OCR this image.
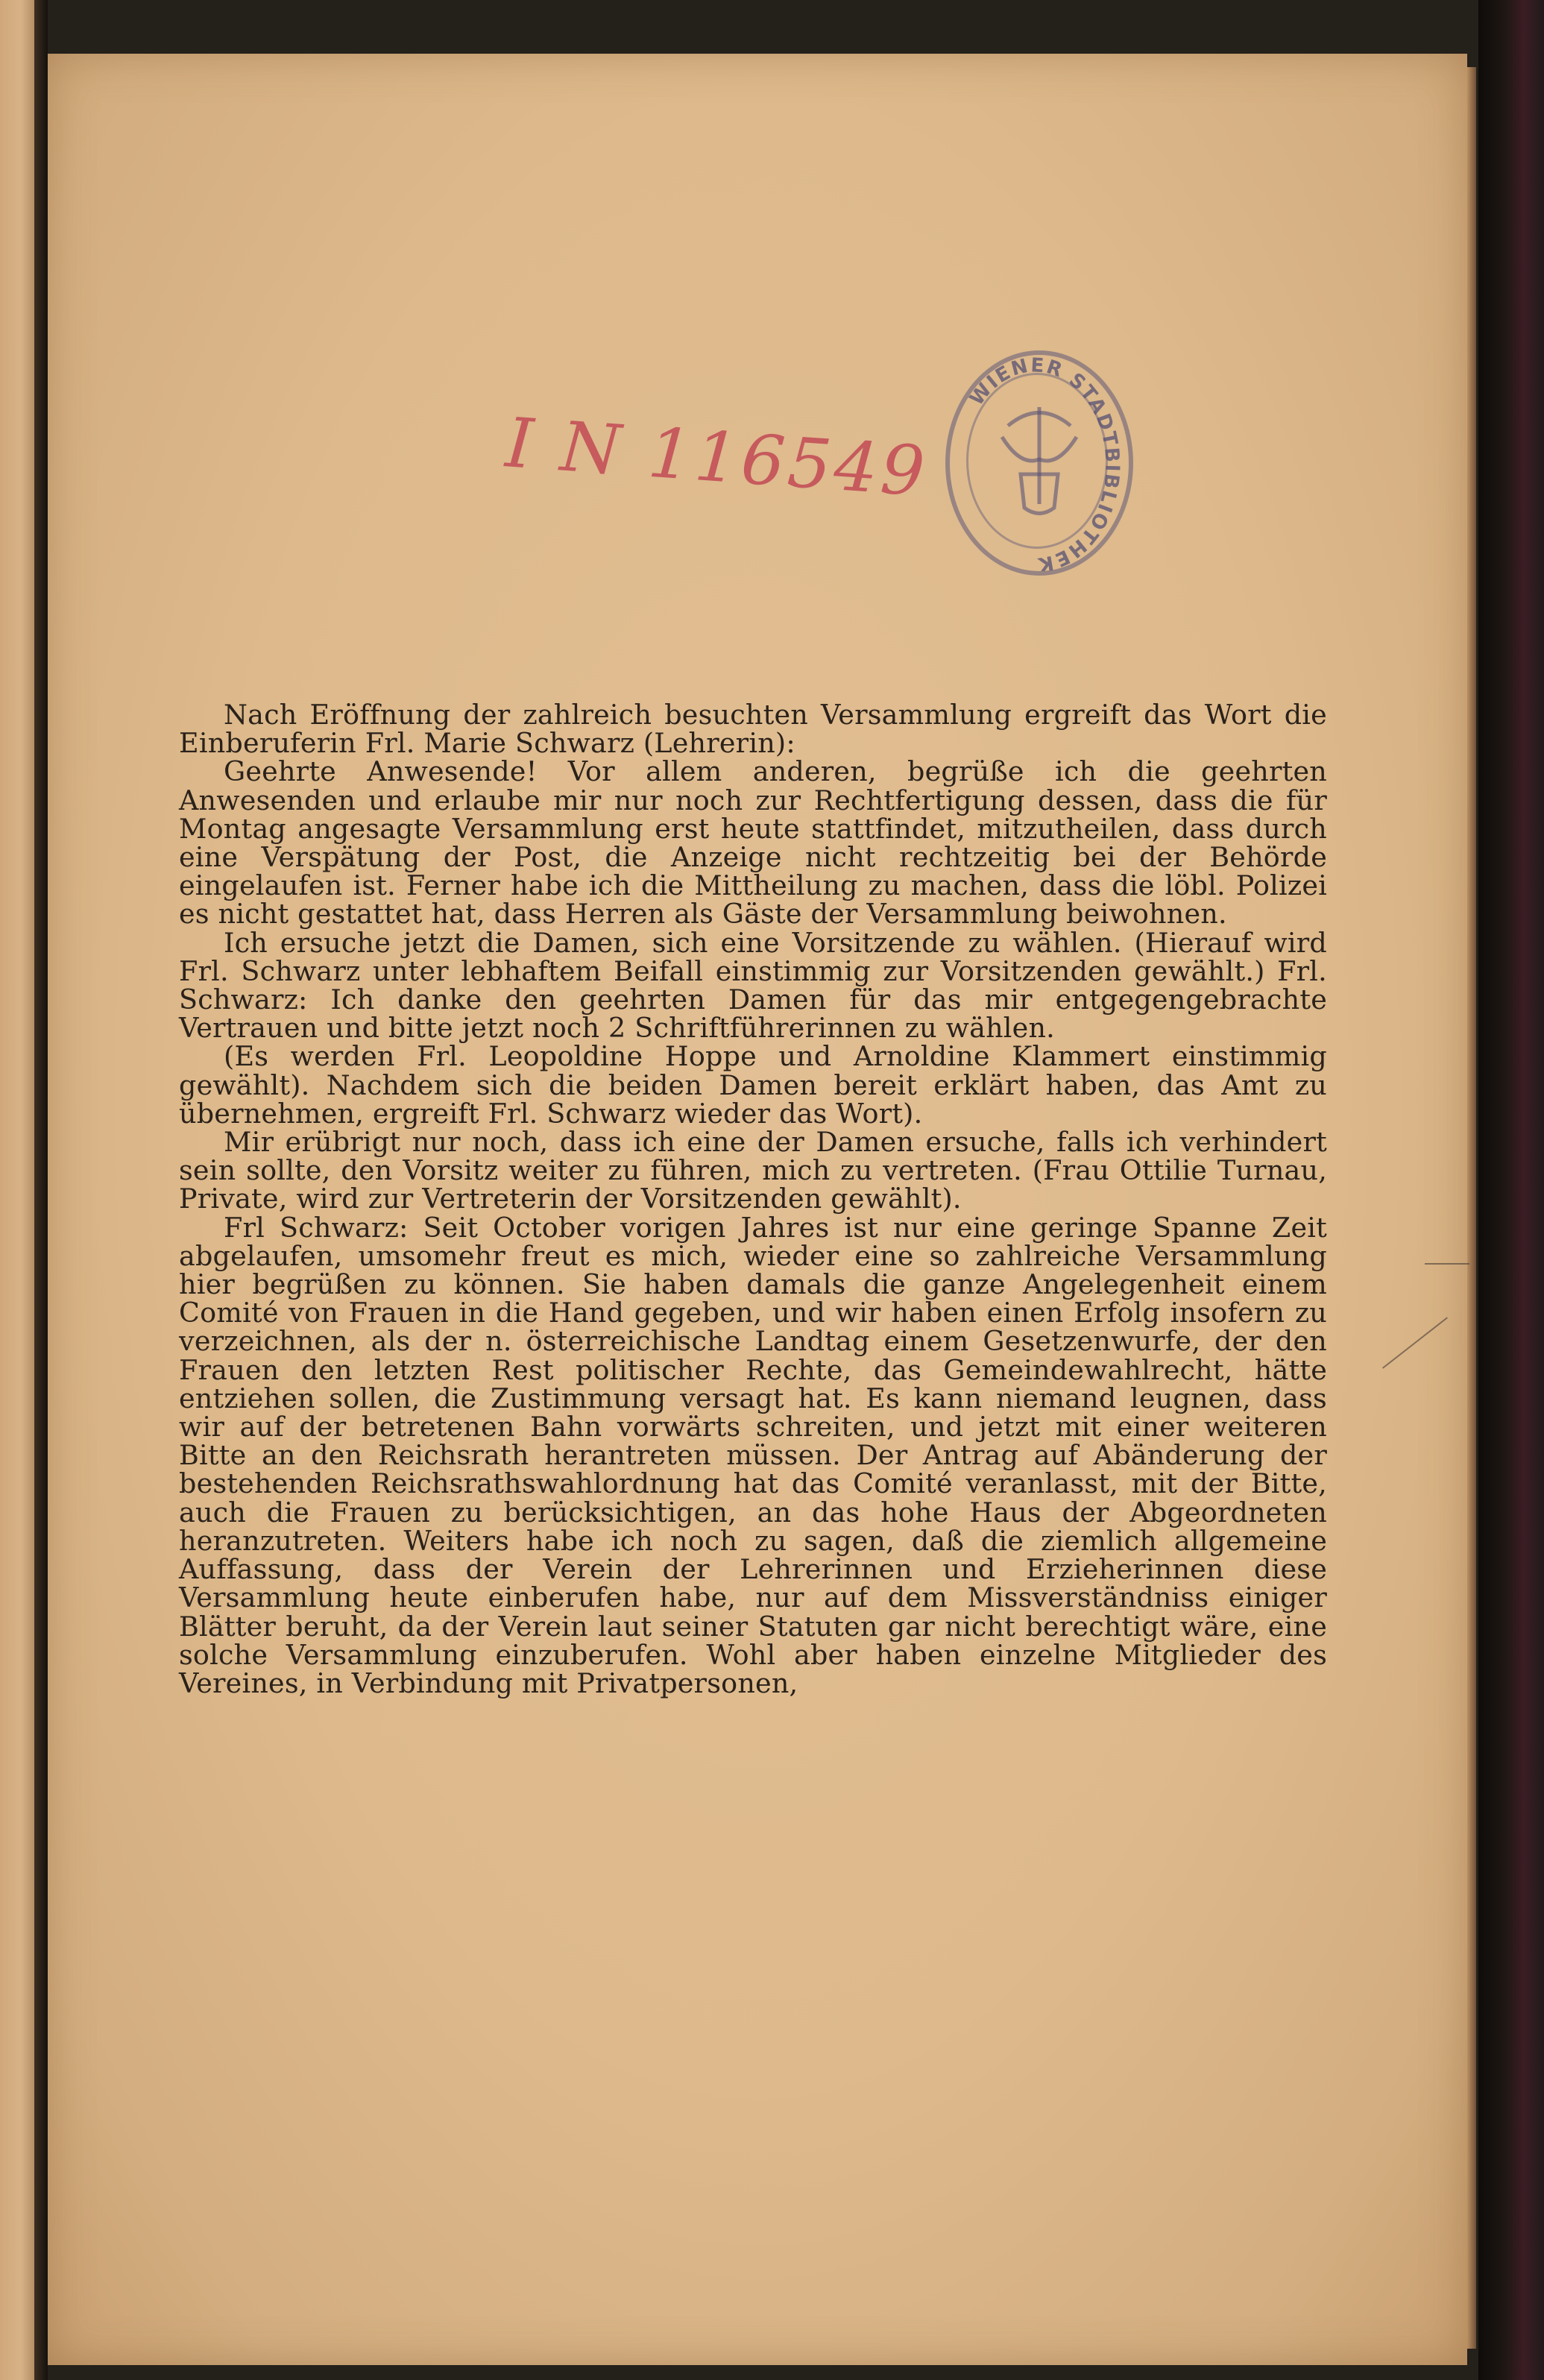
WIENER STADTBIBLIOTHEK
I N 116549

Nach Eröffnung der zahlreich besuchten Versammlung ergreift das Wort die Einberuferin Frl. Marie Schwarz (Lehrerin):

Geehrte Anwesende! Vor allem anderen, begrüße ich die geehrten Anwesenden und erlaube mir nur noch zur Rechtfertigung dessen, dass die für Montag angesagte Versammlung erst heute stattfindet, mitzutheilen, dass durch eine Verspätung der Post, die Anzeige nicht rechtzeitig bei der Behörde eingelaufen ist. Ferner habe ich die Mittheilung zu machen, dass die löbl. Polizei es nicht gestattet hat, dass Herren als Gäste der Versammlung beiwohnen.

Ich ersuche jetzt die Damen, sich eine Vorsitzende zu wählen. (Hierauf wird Frl. Schwarz unter lebhaftem Beifall einstimmig zur Vorsitzenden gewählt.) Frl. Schwarz: Ich danke den geehrten Damen für das mir entgegengebrachte Vertrauen und bitte jetzt noch 2 Schriftführerinnen zu wählen.

(Es werden Frl. Leopoldine Hoppe und Arnoldine Klammert einstimmig gewählt). Nachdem sich die beiden Damen bereit erklärt haben, das Amt zu übernehmen, ergreift Frl. Schwarz wieder das Wort).

Mir erübrigt nur noch, dass ich eine der Damen ersuche, falls ich verhindert sein sollte, den Vorsitz weiter zu führen, mich zu vertreten. (Frau Ottilie Turnau, Private, wird zur Vertreterin der Vorsitzenden gewählt).

Frl Schwarz: Seit October vorigen Jahres ist nur eine geringe Spanne Zeit abgelaufen, umsomehr freut es mich, wieder eine so zahlreiche Versammlung hier begrüßen zu können. Sie haben damals die ganze Angelegenheit einem Comité von Frauen in die Hand gegeben, und wir haben einen Erfolg insofern zu verzeichnen, als der n. österreichische Landtag einem Gesetzenwurfe, der den Frauen den letzten Rest politischer Rechte, das Gemeindewahlrecht, hätte entziehen sollen, die Zustimmung versagt hat. Es kann niemand leugnen, dass wir auf der betretenen Bahn vorwärts schreiten, und jetzt mit einer weiteren Bitte an den Reichsrath herantreten müssen. Der Antrag auf Abänderung der bestehenden Reichsrathswahlordnung hat das Comité veranlasst, mit der Bitte, auch die Frauen zu berücksichtigen, an das hohe Haus der Abgeordneten heranzutreten. Weiters habe ich noch zu sagen, daß die ziemlich allgemeine Auffassung, dass der Verein der Lehrerinnen und Erzieherinnen diese Versammlung heute einberufen habe, nur auf dem Missverständniss einiger Blätter beruht, da der Verein laut seiner Statuten gar nicht berechtigt wäre, eine solche Versammlung einzuberufen. Wohl aber haben einzelne Mitglieder des Vereines, in Verbindung mit Privatpersonen,
